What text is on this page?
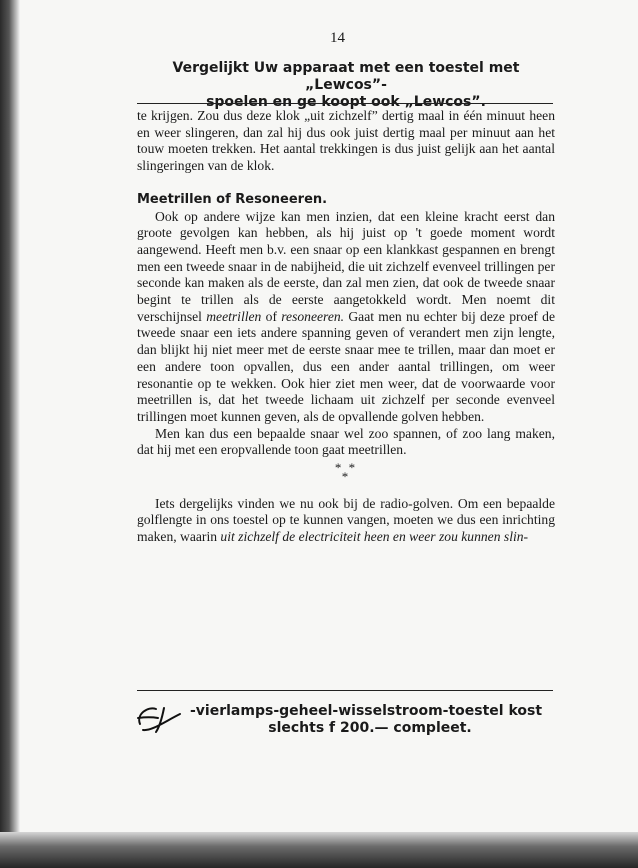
14
Vergelijkt Uw apparaat met een toestel met „Lewcos”-
spoelen en ge koopt ook „Lewcos”.

te krijgen. Zou dus deze klok „uit zichzelf” dertig maal in één minuut heen en weer slingeren, dan zal hij dus ook juist dertig maal per minuut aan het touw moeten trekken. Het aantal trekkingen is dus juist gelijk aan het aantal slingeringen van de klok.

Meetrillen of Resoneeren.

Ook op andere wijze kan men inzien, dat een kleine kracht eerst dan groote gevolgen kan hebben, als hij juist op 't goede moment wordt aangewend. Heeft men b.v. een snaar op een klankkast gespannen en brengt men een tweede snaar in de nabijheid, die uit zichzelf evenveel trillingen per seconde kan maken als de eerste, dan zal men zien, dat ook de tweede snaar begint te trillen als de eerste aangetokkeld wordt. Men noemt dit verschijnsel meetrillen of resoneeren. Gaat men nu echter bij deze proef de tweede snaar een iets andere spanning geven of verandert men zijn lengte, dan blijkt hij niet meer met de eerste snaar mee te trillen, maar dan moet er een andere toon opvallen, dus een ander aantal trillingen, om weer resonantie op te wekken. Ook hier ziet men weer, dat de voorwaarde voor meetrillen is, dat het tweede lichaam uit zichzelf per seconde evenveel trillingen moet kunnen geven, als de opvallende golven hebben.

Men kan dus een bepaalde snaar wel zoo spannen, of zoo lang maken, dat hij met een eropvallende toon gaat meetrillen.

* *
*

Iets dergelijks vinden we nu ook bij de radio-golven. Om een bepaalde golflengte in ons toestel op te kunnen vangen, moeten we dus een inrichting maken, waarin uit zichzelf de electriciteit heen en weer zou kunnen slin-

-vierlamps-geheel-wisselstroom-toestel kost
slechts f 200.— compleet.
